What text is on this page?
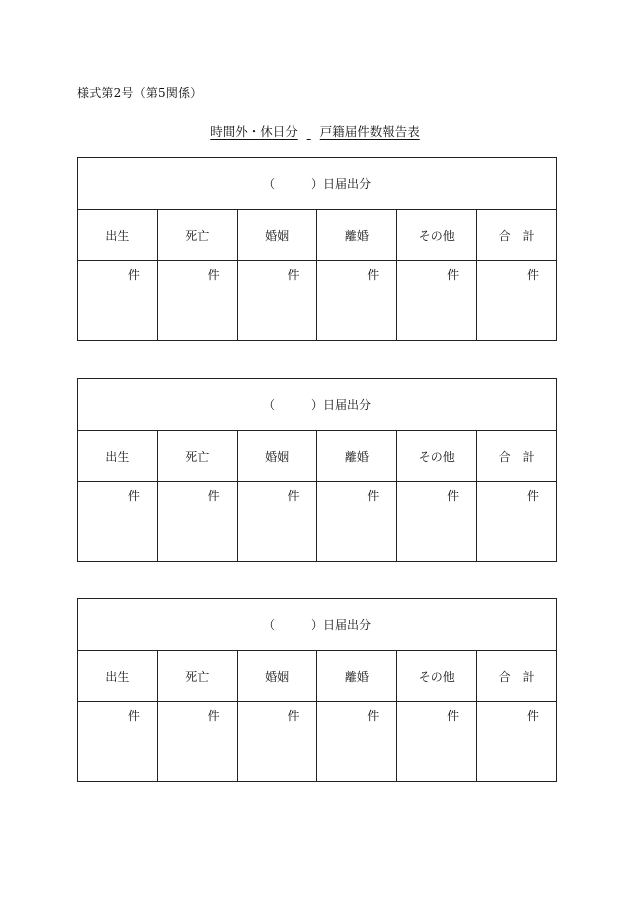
様式第2号（第5関係）
時間外・休日分 戸籍届件数報告表
（ ）日届出分					
出生	死亡	婚姻	離婚	その他	合　計
件	件	件	件	件	件
（ ）日届出分					
出生	死亡	婚姻	離婚	その他	合　計
件	件	件	件	件	件
（ ）日届出分					
出生	死亡	婚姻	離婚	その他	合　計
件	件	件	件	件	件
